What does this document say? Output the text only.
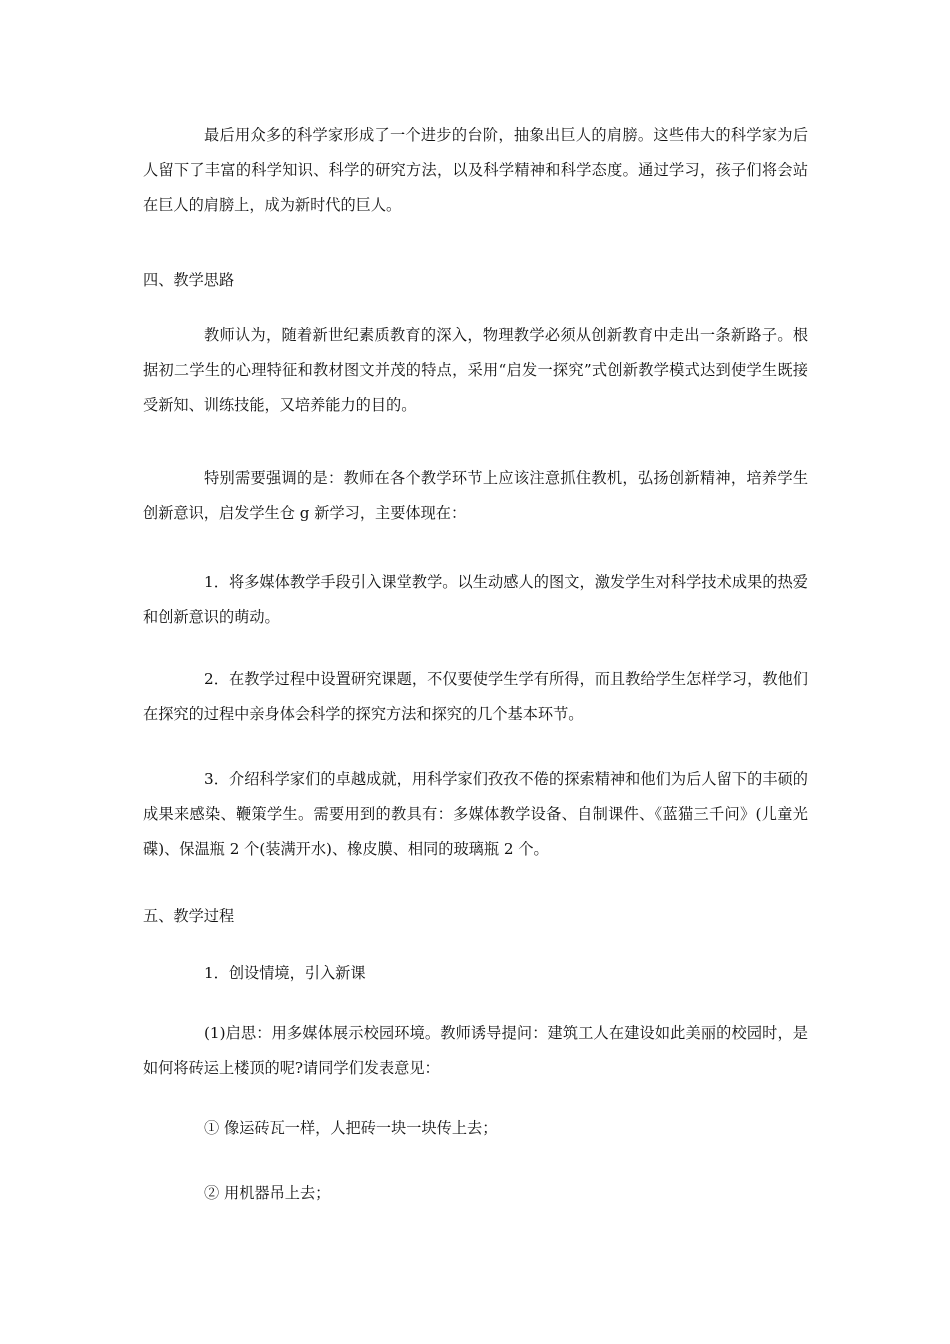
最后用众多的科学家形成了一个进步的台阶，抽象出巨人的肩膀。这些伟大的科学家为后人留下了丰富的科学知识、科学的研究方法，以及科学精神和科学态度。通过学习，孩子们将会站在巨人的肩膀上，成为新时代的巨人。

四、教学思路

教师认为，随着新世纪素质教育的深入，物理教学必须从创新教育中走出一条新路子。根据初二学生的心理特征和教材图文并茂的特点，采用“启发一探究”式创新教学模式达到使学生既接受新知、训练技能，又培养能力的目的。

特别需要强调的是：教师在各个教学环节上应该注意抓住教机，弘扬创新精神，培养学生创新意识，启发学生仓 g 新学习，主要体现在：

1．将多媒体教学手段引入课堂教学。以生动感人的图文，激发学生对科学技术成果的热爱和创新意识的萌动。

2．在教学过程中设置研究课题，不仅要使学生学有所得，而且教给学生怎样学习，教他们在探究的过程中亲身体会科学的探究方法和探究的几个基本环节。

3．介绍科学家们的卓越成就，用科学家们孜孜不倦的探索精神和他们为后人留下的丰硕的成果来感染、鞭策学生。需要用到的教具有：多媒体教学设备、自制课件、《蓝猫三千问》(儿童光碟)、保温瓶 2 个(装满开水)、橡皮膜、相同的玻璃瓶 2 个。

五、教学过程

1．创设情境，引入新课

(1)启思：用多媒体展示校园环境。教师诱导提问：建筑工人在建设如此美丽的校园时，是如何将砖运上楼顶的呢?请同学们发表意见：

① 像运砖瓦一样，人把砖一块一块传上去；

② 用机器吊上去；
